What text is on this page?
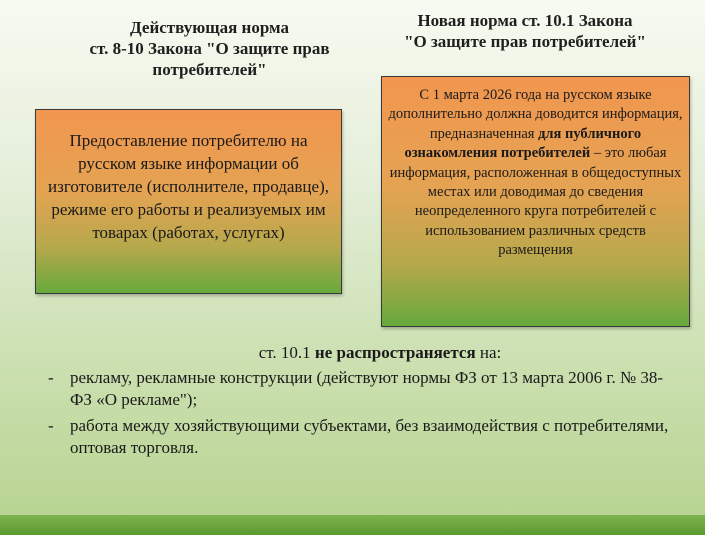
Действующая норма
ст. 8-10 Закона "О защите прав
потребителей"
Новая норма ст. 10.1 Закона
"О защите прав потребителей"
Предоставление потребителю на русском языке информации об изготовителе (исполнителе, продавце), режиме его работы и реализуемых им товарах (работах, услугах)
С 1 марта 2026 года на русском языке дополнительно должна доводится информация, предназначенная для публичного ознакомления потребителей – это любая информация, расположенная в общедоступных местах или доводимая до сведения неопределенного круга потребителей с использованием различных средств размещения
ст. 10.1 не распространяется на:
- рекламу, рекламные конструкции (действуют нормы ФЗ от 13 марта 2006 г. № 38-ФЗ «О рекламе");
- работа между хозяйствующими субъектами, без взаимодействия с потребителями, оптовая торговля.
